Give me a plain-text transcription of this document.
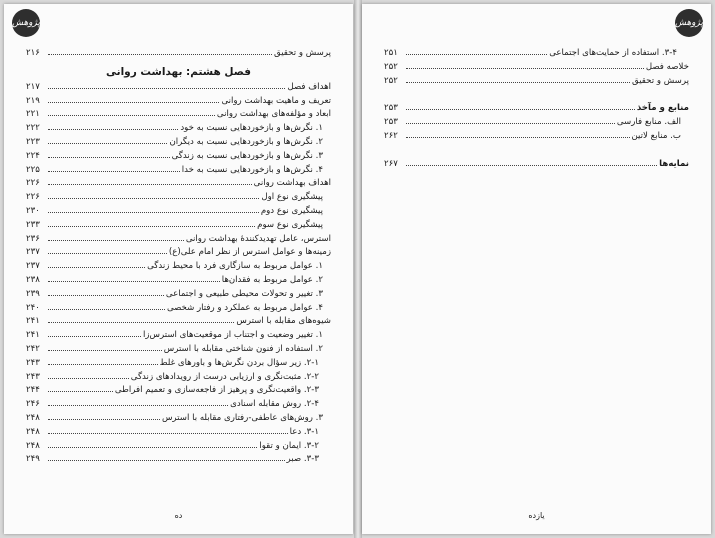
پژوهش
پرسش و تحقیق
۲۱۶
فصل هشتم: بهداشت روانی
اهداف فصل
۲۱۷
تعریف و ماهیت بهداشت روانی
۲۱۹
ابعاد و مؤلفه‌های بهداشت روانی
۲۲۱
۱. نگرش‌ها و بازخوردهایی نسبت به خود
۲۲۲
۲. نگرش‌ها و بازخوردهایی نسبت به دیگران
۲۲۳
۳. نگرش‌ها و بازخوردهایی نسبت به زندگی
۲۲۴
۴. نگرش‌ها و بازخوردهایی نسبت به خدا
۲۲۵
اهداف بهداشت روانی
۲۲۶
پیشگیری نوع اول
۲۲۶
پیشگیری نوع دوم
۲۳۰
پیشگیری نوع سوم
۲۳۳
استرس، عامل تهدیدکنندهٔ بهداشت روانی
۲۳۶
زمینه‌ها و عوامل استرس از نظر امام علی(ع)
۲۳۷
۱. عوامل مربوط به سازگاری فرد با محیط زندگی
۲۳۷
۲. عوامل مربوط به فقدان‌ها
۲۳۸
۳. تغییر و تحولات محیطی طبیعی و اجتماعی
۲۳۹
۴. عوامل مربوط به عملکرد و رفتار شخصی
۲۴۰
شیوه‌های مقابله با استرس
۲۴۱
۱. تغییر وضعیت و اجتناب از موقعیت‌های استرس‌زا
۲۴۱
۲. استفاده از فنون شناختی مقابله با استرس
۲۴۲
۲-۱. زیر سؤال بردن نگرش‌ها و باورهای غلط
۲۴۳
۲-۲. مثبت‌نگری و ارزیابی درست از رویدادهای زندگی
۲۴۳
۲-۳. واقعیت‌نگری و پرهیز از فاجعه‌سازی و تعمیم افراطی
۲۴۴
۲-۴. روش مقابله اسنادی
۲۴۶
۳. روش‌های عاطفی-رفتاری مقابله با استرس
۲۴۸
۳-۱. دعا
۲۴۸
۳-۲. ایمان و تقوا
۲۴۸
۳-۳. صبر
۲۴۹
ده
پژوهش
۳-۴. استفاده از حمایت‌های اجتماعی
۲۵۱
خلاصه فصل
۲۵۲
پرسش و تحقیق
۲۵۲
منابع و مآخذ
۲۵۳
الف. منابع فارسی
۲۵۳
ب. منابع لاتین
۲۶۲
نمایه‌ها
۲۶۷
یازده
